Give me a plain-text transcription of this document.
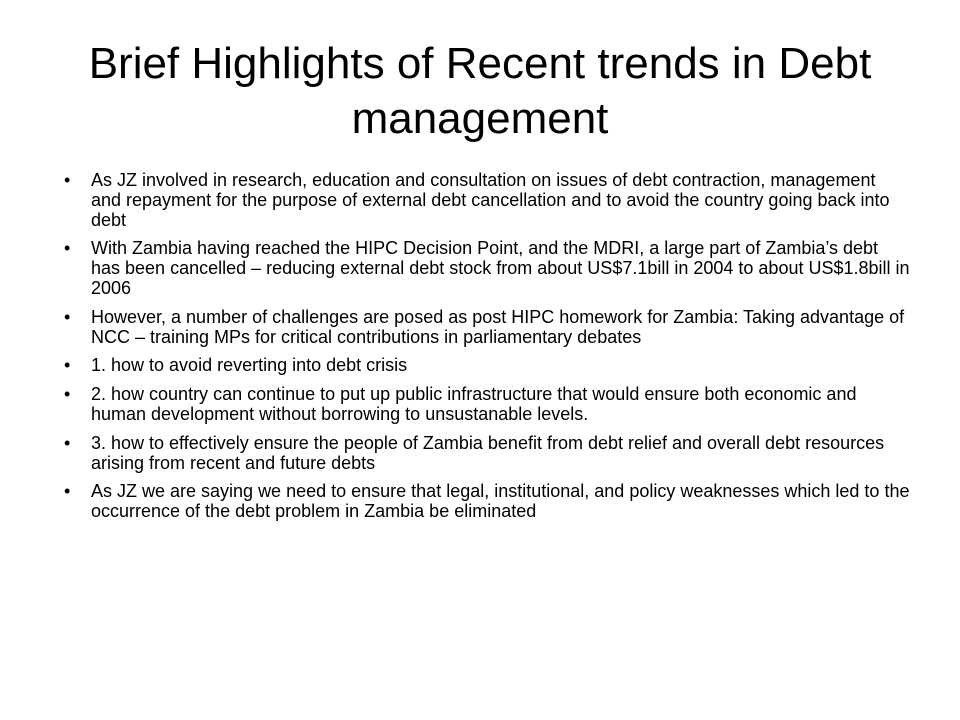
Brief Highlights of Recent trends in Debt management
• As JZ involved in research, education and consultation on issues of debt contraction, management and repayment for the purpose of external debt cancellation and to avoid the country going back into debt
• With Zambia having reached the HIPC Decision Point, and the MDRI, a large part of Zambia’s debt has been cancelled – reducing external debt stock from about US$7.1bill in 2004 to about US$1.8bill in 2006
• However, a number of challenges are posed as post HIPC homework for Zambia: Taking advantage of NCC – training MPs for critical contributions in parliamentary debates
• 1. how to avoid reverting into debt crisis
• 2. how country can continue to put up public infrastructure that would ensure both economic and human development without borrowing to unsustanable levels.
• 3. how to effectively ensure the people of Zambia benefit from debt relief and overall debt resources arising from recent and future debts
• As JZ we are saying we need to ensure that legal, institutional, and policy weaknesses which led to the occurrence of the debt problem in Zambia be eliminated
